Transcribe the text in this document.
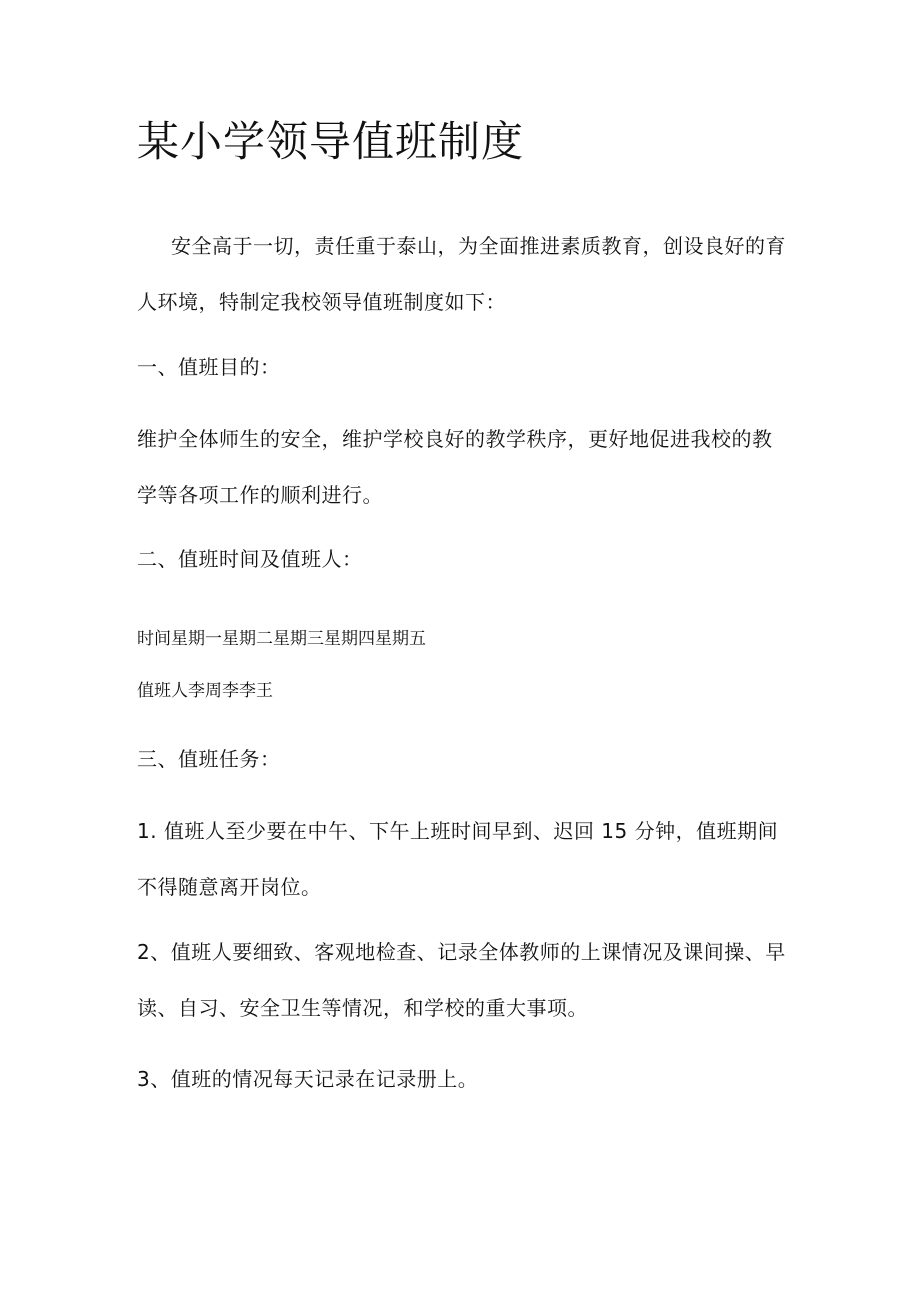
某小学领导值班制度

安全高于一切，责任重于泰山，为全面推进素质教育，创设良好的育人环境，特制定我校领导值班制度如下：

一、值班目的：

维护全体师生的安全，维护学校良好的教学秩序，更好地促进我校的教学等各项工作的顺利进行。

二、值班时间及值班人：

时间星期一星期二星期三星期四星期五

值班人李周李李王

三、值班任务：

1. 值班人至少要在中午、下午上班时间早到、迟回 15 分钟，值班期间不得随意离开岗位。

2、值班人要细致、客观地检查、记录全体教师的上课情况及课间操、早读、自习、安全卫生等情况，和学校的重大事项。

3、值班的情况每天记录在记录册上。
